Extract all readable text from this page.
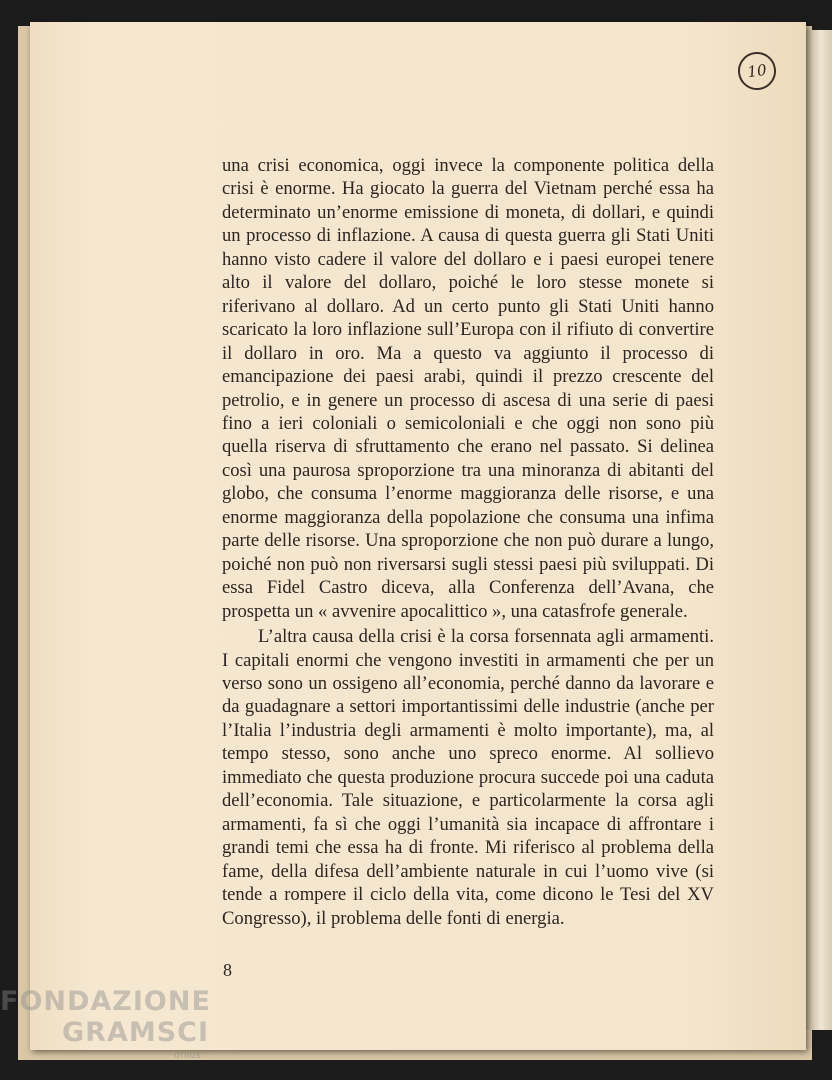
10

una crisi economica, oggi invece la componente politica della crisi è enorme. Ha giocato la guerra del Vietnam perché essa ha determinato un’enorme emissione di moneta, di dollari, e quindi un processo di inflazione. A causa di questa guerra gli Stati Uniti hanno visto cadere il valore del dollaro e i paesi europei tenere alto il valore del dollaro, poiché le loro stesse monete si riferivano al dollaro. Ad un certo punto gli Stati Uniti hanno scaricato la loro inflazione sull’Europa con il rifiuto di convertire il dollaro in oro. Ma a questo va aggiunto il processo di emancipazione dei paesi arabi, quindi il prezzo crescente del petrolio, e in genere un processo di ascesa di una serie di paesi fino a ieri coloniali o semicoloniali e che oggi non sono più quella riserva di sfruttamento che erano nel passato. Si delinea così una paurosa sproporzione tra una minoranza di abitanti del globo, che consuma l’enorme maggioranza delle risorse, e una enorme maggioranza della popolazione che consuma una infima parte delle risorse. Una sproporzione che non può durare a lungo, poiché non può non riversarsi sugli stessi paesi più sviluppati. Di essa Fidel Castro diceva, alla Conferenza dell’Avana, che prospetta un « avvenire apocalittico », una catasfrofe generale.

L’altra causa della crisi è la corsa forsennata agli armamenti. I capitali enormi che vengono investiti in armamenti che per un verso sono un ossigeno all’economia, perché danno da lavorare e da guadagnare a settori importantissimi delle industrie (anche per l’Italia l’industria degli armamenti è molto importante), ma, al tempo stesso, sono anche uno spreco enorme. Al sollievo immediato che questa produzione procura succede poi una caduta dell’economia. Tale situazione, e particolarmente la corsa agli armamenti, fa sì che oggi l’umanità sia incapace di affrontare i grandi temi che essa ha di fronte. Mi riferisco al problema della fame, della difesa dell’ambiente naturale in cui l’uomo vive (si tende a rompere il ciclo della vita, come dicono le Tesi del XV Congresso), il problema delle fonti di energia.

8
FONDAZIONE
GRAMSCI
onlus
